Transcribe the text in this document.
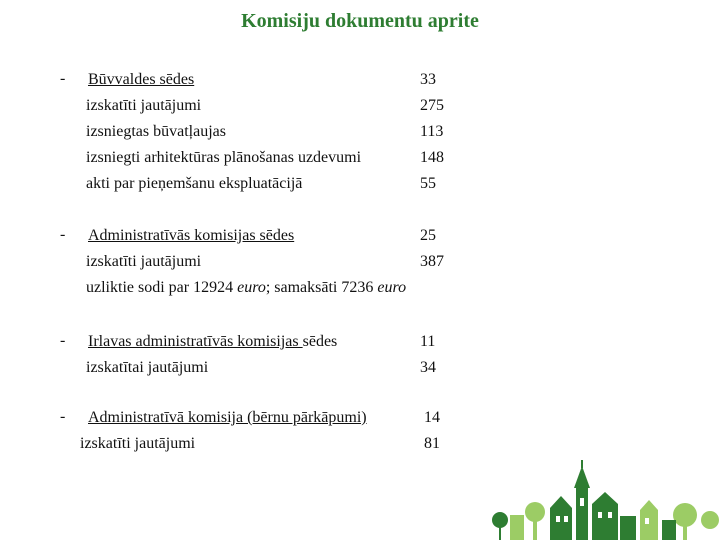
Komisiju dokumentu aprite
- Būvvaldes sēdes	33
izskatīti jautājumi	275
izsniegtas būvatļaujas	113
izsniegti arhitektūras plānošanas uzdevumi	148
akti par pieņemšanu ekspluatācijā	55
- Administratīvās komisijas sēdes	25
izskatīti jautājumi	387
uzliktie sodi par 12924 euro; samaksāti 7236 euro
- Irlavas administratīvās komisijas sēdes	11
izskatītai jautājumi	34
- Administratīvā komisija (bērnu pārkāpumi)	14
izskatīti jautājumi	81
